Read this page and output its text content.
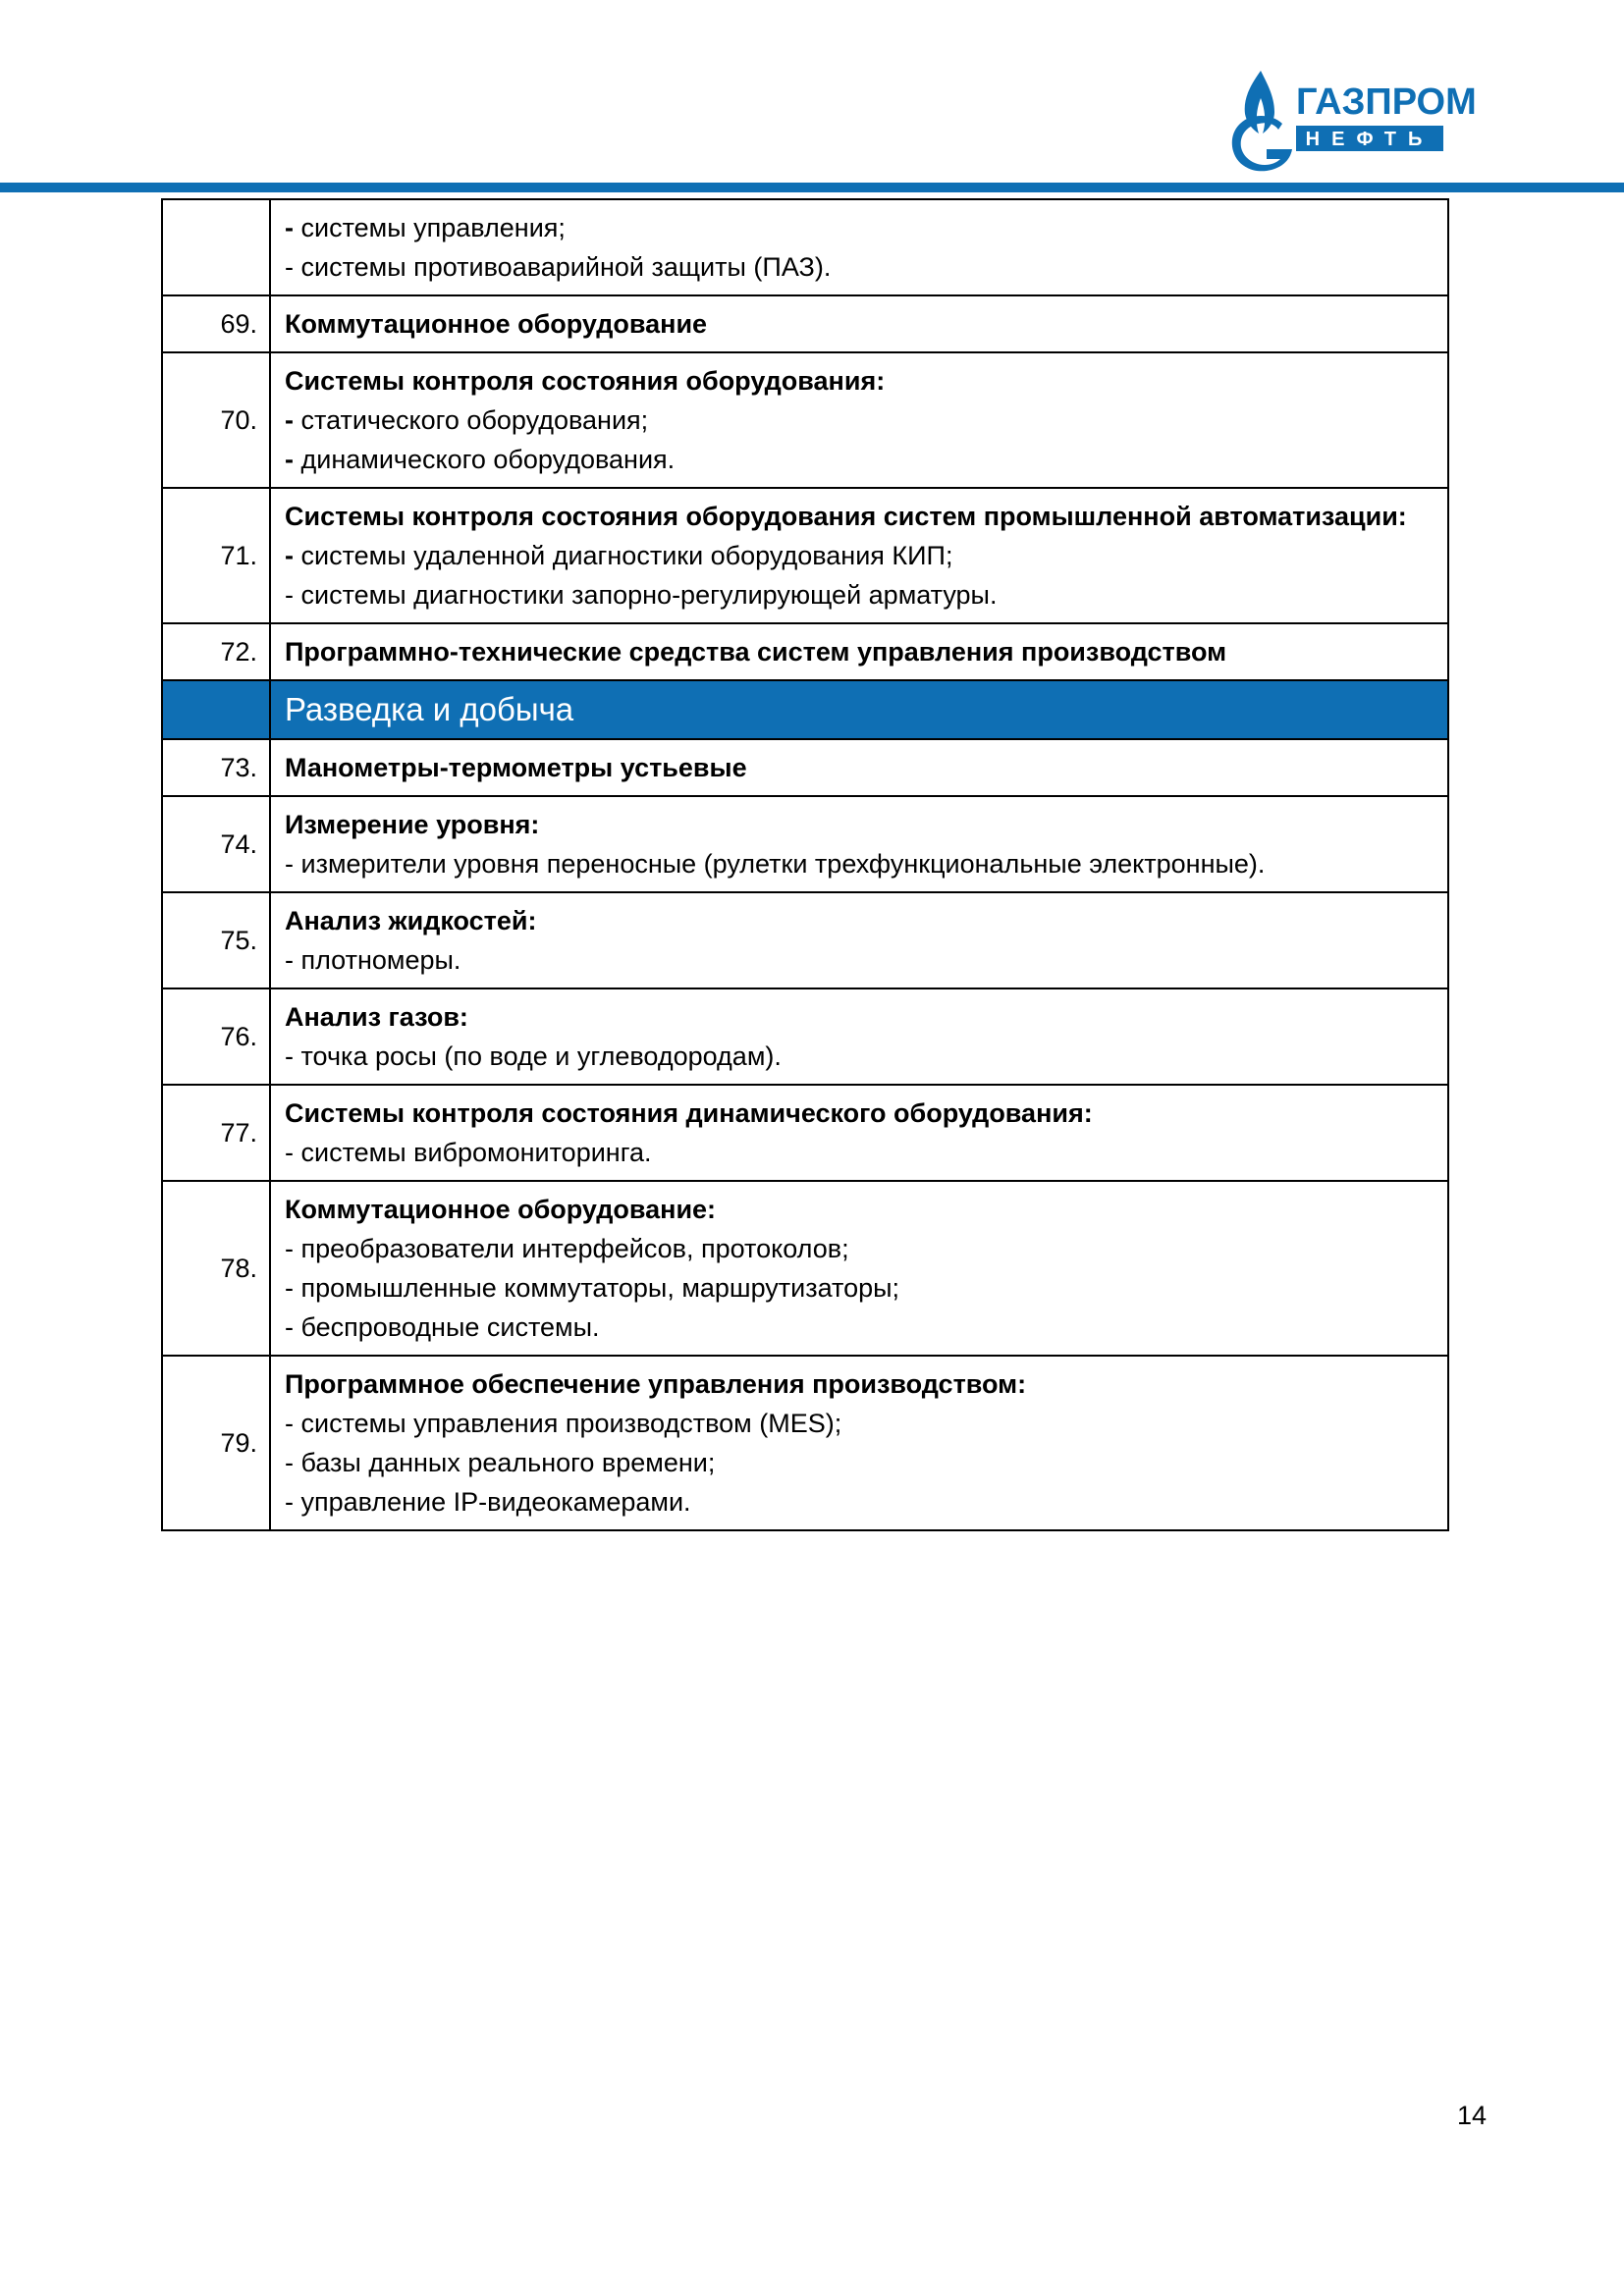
ГАЗПРОМ
НЕФТЬ

	- системы управления;
- системы противоаварийной защиты (ПАЗ).

69.	Коммутационное оборудование

70.	Системы контроля состояния оборудования:
- статического оборудования;
- динамического оборудования.

71.	Системы контроля состояния оборудования систем промышленной автоматизации:
- системы удаленной диагностики оборудования КИП;
- системы диагностики запорно-регулирующей арматуры.

72.	Программно-технические средства систем управления производством

	Разведка и добыча
73.	Манометры-термометры устьевые

74.	Измерение уровня:
- измерители уровня переносные (рулетки трехфункциональные электронные).

75.	Анализ жидкостей:
- плотномеры.

76.	Анализ газов:
- точка росы (по воде и углеводородам).

77.	Системы контроля состояния динамического оборудования:
- системы вибромониторинга.

78.	Коммутационное оборудование:
- преобразователи интерфейсов, протоколов;
- промышленные коммутаторы, маршрутизаторы;
- беспроводные системы.

79.	Программное обеспечение управления производством:
- системы управления производством (MES);
- базы данных реального времени;
- управление IP-видеокамерами.
14
